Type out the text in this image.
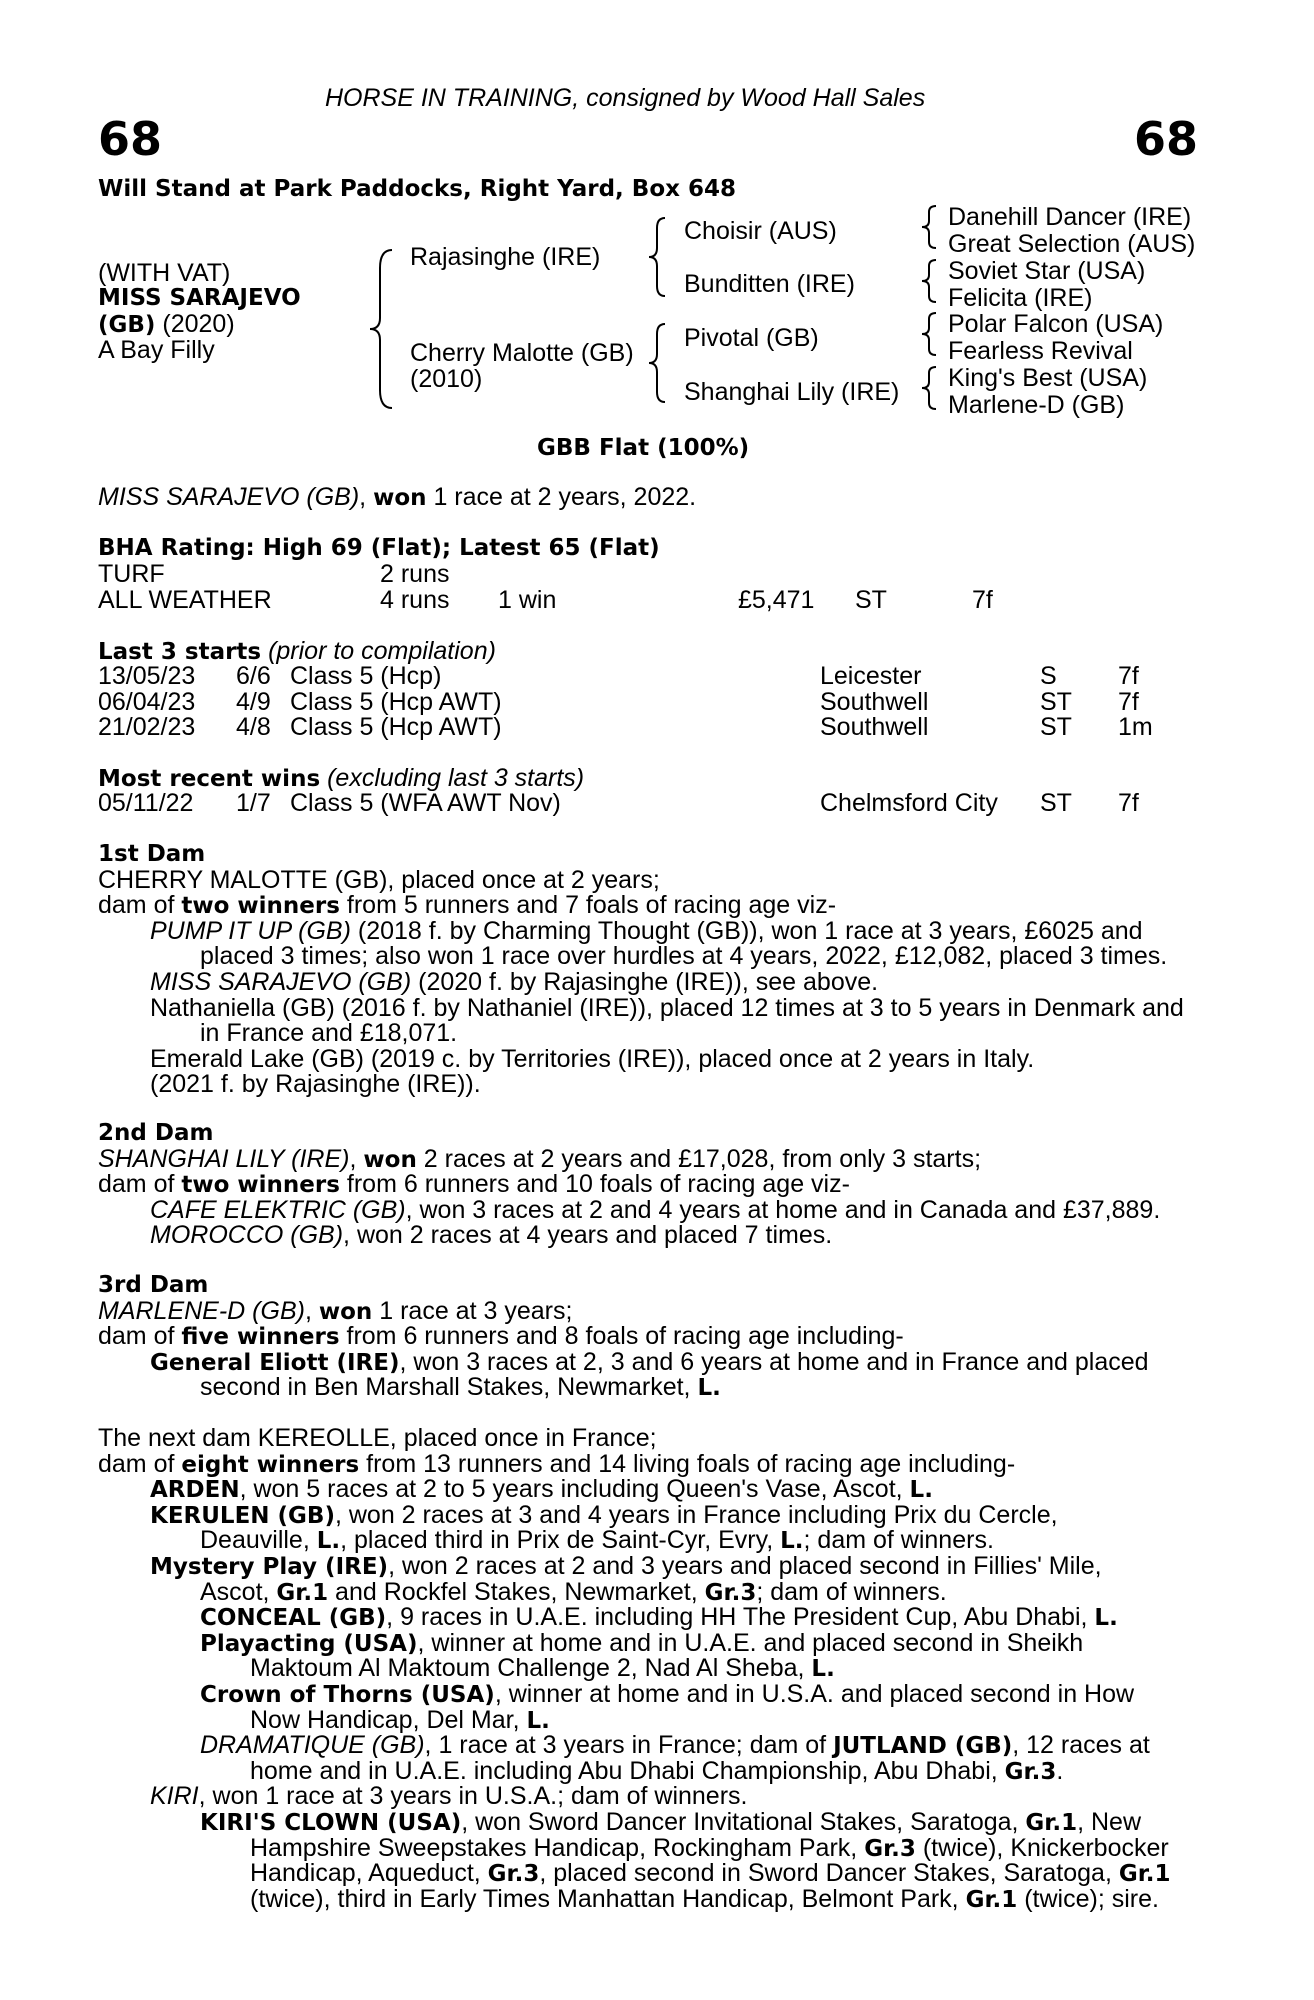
HORSE IN TRAINING, consigned by Wood Hall Sales
68	68
Will Stand at Park Paddocks, Right Yard, Box 648
(WITH VAT)
MISS SARAJEVO
(GB) (2020)
A Bay Filly
Rajasinghe (IRE)
Cherry Malotte (GB)
(2010)
Choisir (AUS)
Bunditten (IRE)
Pivotal (GB)
Shanghai Lily (IRE)
Danehill Dancer (IRE)
Great Selection (AUS)
Soviet Star (USA)
Felicita (IRE)
Polar Falcon (USA)
Fearless Revival
King's Best (USA)
Marlene-D (GB)
GBB Flat (100%)
MISS SARAJEVO (GB), won 1 race at 2 years, 2022.
BHA Rating: High 69 (Flat); Latest 65 (Flat)
TURF	2 runs
ALL WEATHER	4 runs 1 win	£5,471 ST	7f
Last 3 starts (prior to compilation)
13/05/23 6/6 Class 5 (Hcp)	Leicester	S 7f
06/04/23 4/9 Class 5 (Hcp AWT)	Southwell	ST 7f
21/02/23 4/8 Class 5 (Hcp AWT)	Southwell	ST 1m
Most recent wins (excluding last 3 starts)
05/11/22 1/7 Class 5 (WFA AWT Nov)	Chelmsford City ST 7f
1st Dam
CHERRY MALOTTE (GB), placed once at 2 years;
dam of two winners from 5 runners and 7 foals of racing age viz-
PUMP IT UP (GB) (2018 f. by Charming Thought (GB)), won 1 race at 3 years, £6025 and
placed 3 times; also won 1 race over hurdles at 4 years, 2022, £12,082, placed 3 times.
MISS SARAJEVO (GB) (2020 f. by Rajasinghe (IRE)), see above.
Nathaniella (GB) (2016 f. by Nathaniel (IRE)), placed 12 times at 3 to 5 years in Denmark and
in France and £18,071.
Emerald Lake (GB) (2019 c. by Territories (IRE)), placed once at 2 years in Italy.
(2021 f. by Rajasinghe (IRE)).
2nd Dam
SHANGHAI LILY (IRE), won 2 races at 2 years and £17,028, from only 3 starts;
dam of two winners from 6 runners and 10 foals of racing age viz-
CAFE ELEKTRIC (GB), won 3 races at 2 and 4 years at home and in Canada and £37,889.
MOROCCO (GB), won 2 races at 4 years and placed 7 times.
3rd Dam
MARLENE-D (GB), won 1 race at 3 years;
dam of five winners from 6 runners and 8 foals of racing age including-
General Eliott (IRE), won 3 races at 2, 3 and 6 years at home and in France and placed
second in Ben Marshall Stakes, Newmarket, L.
The next dam KEREOLLE, placed once in France;
dam of eight winners from 13 runners and 14 living foals of racing age including-
ARDEN, won 5 races at 2 to 5 years including Queen's Vase, Ascot, L.
KERULEN (GB), won 2 races at 3 and 4 years in France including Prix du Cercle,
Deauville, L., placed third in Prix de Saint-Cyr, Evry, L.; dam of winners.
Mystery Play (IRE), won 2 races at 2 and 3 years and placed second in Fillies' Mile,
Ascot, Gr.1 and Rockfel Stakes, Newmarket, Gr.3; dam of winners.
CONCEAL (GB), 9 races in U.A.E. including HH The President Cup, Abu Dhabi, L.
Playacting (USA), winner at home and in U.A.E. and placed second in Sheikh
Maktoum Al Maktoum Challenge 2, Nad Al Sheba, L.
Crown of Thorns (USA), winner at home and in U.S.A. and placed second in How
Now Handicap, Del Mar, L.
DRAMATIQUE (GB), 1 race at 3 years in France; dam of JUTLAND (GB), 12 races at
home and in U.A.E. including Abu Dhabi Championship, Abu Dhabi, Gr.3.
KIRI, won 1 race at 3 years in U.S.A.; dam of winners.
KIRI'S CLOWN (USA), won Sword Dancer Invitational Stakes, Saratoga, Gr.1, New
Hampshire Sweepstakes Handicap, Rockingham Park, Gr.3 (twice), Knickerbocker
Handicap, Aqueduct, Gr.3, placed second in Sword Dancer Stakes, Saratoga, Gr.1
(twice), third in Early Times Manhattan Handicap, Belmont Park, Gr.1 (twice); sire.
